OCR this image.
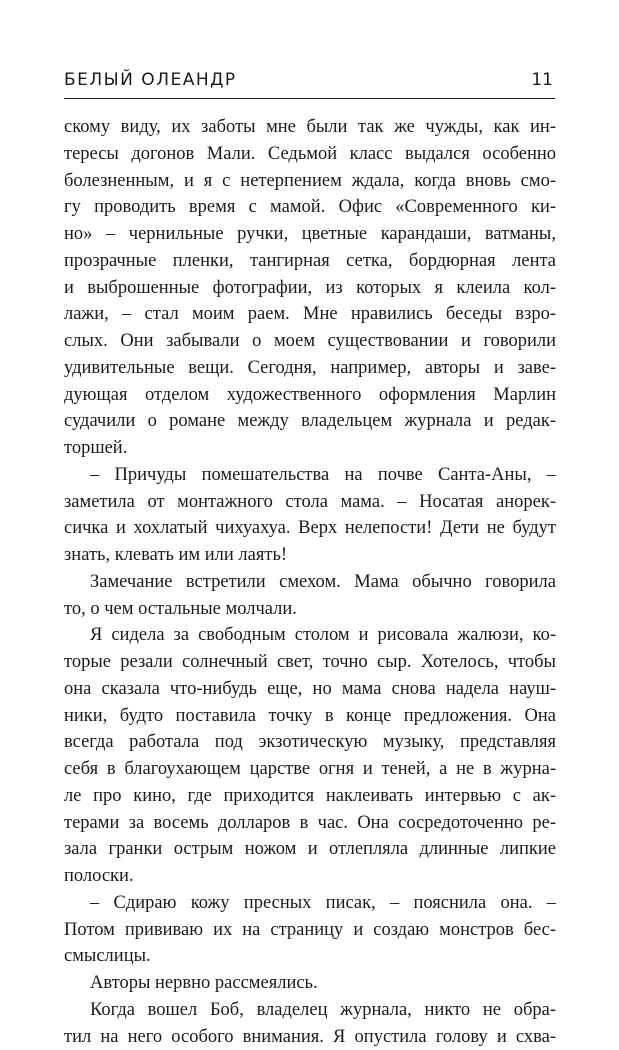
БЕЛЫЙ ОЛЕАНДР	11
скому виду, их заботы мне были так же чужды, как ин-
тересы догонов Мали. Седьмой класс выдался особенно
болезненным, и я с нетерпением ждала, когда вновь смо-
гу проводить время с мамой. Офис «Современного ки-
но» – чернильные ручки, цветные карандаши, ватманы,
прозрачные пленки, тангирная сетка, бордюрная лента
и выброшенные фотографии, из которых я клеила кол-
лажи, – стал моим раем. Мне нравились беседы взро-
слых. Они забывали о моем существовании и говорили
удивительные вещи. Сегодня, например, авторы и заве-
дующая отделом художественного оформления Марлин
судачили о романе между владельцем журнала и редак-
торшей.
– Причуды помешательства на почве Санта-Аны, –
заметила от монтажного стола мама. – Носатая анорек-
сичка и хохлатый чихуахуа. Верх нелепости! Дети не будут
знать, клевать им или лаять!
Замечание встретили смехом. Мама обычно говорила
то, о чем остальные молчали.
Я сидела за свободным столом и рисовала жалюзи, ко-
торые резали солнечный свет, точно сыр. Хотелось, чтобы
она сказала что-нибудь еще, но мама снова надела науш-
ники, будто поставила точку в конце предложения. Она
всегда работала под экзотическую музыку, представляя
себя в благоухающем царстве огня и теней, а не в журна-
ле про кино, где приходится наклеивать интервью с ак-
терами за восемь долларов в час. Она сосредоточенно ре-
зала гранки острым ножом и отлепляла длинные липкие
полоски.
– Сдираю кожу пресных писак, – пояснила она. –
Потом прививаю их на страницу и создаю монстров бес-
смыслицы.
Авторы нервно рассмеялись.
Когда вошел Боб, владелец журнала, никто не обра-
тил на него особого внимания. Я опустила голову и схва-
